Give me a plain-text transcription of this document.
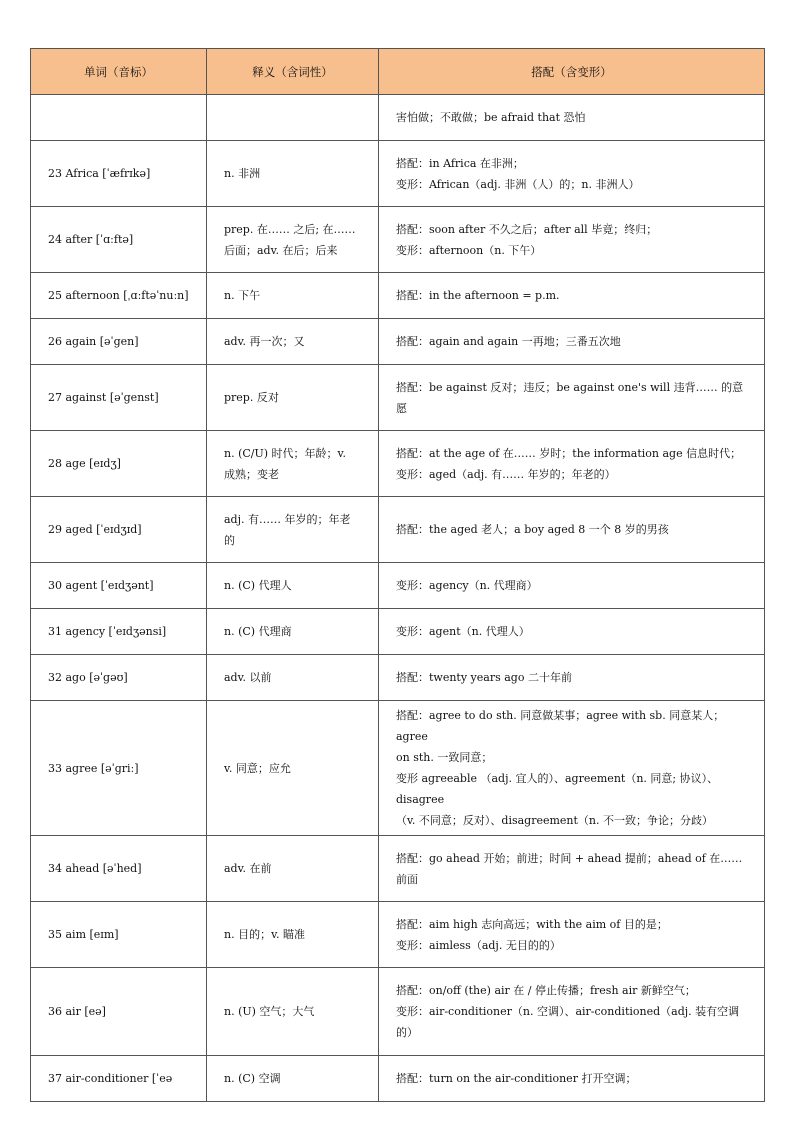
单词（音标）	释义（含词性）	搭配（含变形）

		害怕做；不敢做；be afraid that 恐怕

23 Africa [ˈæfrɪkə]	n. 非洲	搭配：in Africa 在非洲；
变形：African（adj. 非洲（人）的；n. 非洲人）

24 after [ˈɑːftə]	prep. 在…… 之后; 在……
后面；adv. 在后；后来	搭配：soon after 不久之后；after all 毕竟；终归；
变形：afternoon（n. 下午）

25 afternoon [ˌɑːftəˈnuːn]	n. 下午	搭配：in the afternoon = p.m.

26 again [əˈgen]	adv. 再一次；又	搭配：again and again 一再地；三番五次地

27 against [əˈgenst]	prep. 反对	搭配：be against 反对；违反；be against one's will 违背…… 的意
愿

28 age [eɪdʒ]	n. (C/U) 时代；年龄；v.
成熟；变老	搭配：at the age of 在…… 岁时；the information age 信息时代；
变形：aged（adj. 有…… 年岁的；年老的）

29 aged [ˈeɪdʒɪd]	adj. 有…… 年岁的；年老
的	搭配：the aged 老人；a boy aged 8 一个 8 岁的男孩

30 agent [ˈeɪdʒənt]	n. (C) 代理人	变形：agency（n. 代理商）

31 agency [ˈeɪdʒənsi]	n. (C) 代理商	变形：agent（n. 代理人）

32 ago [əˈgəʊ]	adv. 以前	搭配：twenty years ago 二十年前

33 agree [əˈgriː]	v. 同意；应允	搭配：agree to do sth. 同意做某事；agree with sb. 同意某人；agree
on sth. 一致同意；
变形 agreeable （adj. 宜人的）、agreement（n. 同意; 协议）、disagree
（v. 不同意；反对）、disagreement（n. 不一致；争论；分歧）

34 ahead [əˈhed]	adv. 在前	搭配：go ahead 开始；前进；时间 + ahead 提前；ahead of 在……
前面

35 aim [eɪm]	n. 目的；v. 瞄准	搭配：aim high 志向高远；with the aim of 目的是；
变形：aimless（adj. 无目的的）

36 air [eə]	n. (U) 空气；大气	搭配：on/off (the) air 在 / 停止传播；fresh air 新鲜空气；
变形：air-conditioner（n. 空调）、air-conditioned（adj. 装有空调
的）

37 air-conditioner [ˈeə	n. (C) 空调	搭配：turn on the air-conditioner 打开空调；
